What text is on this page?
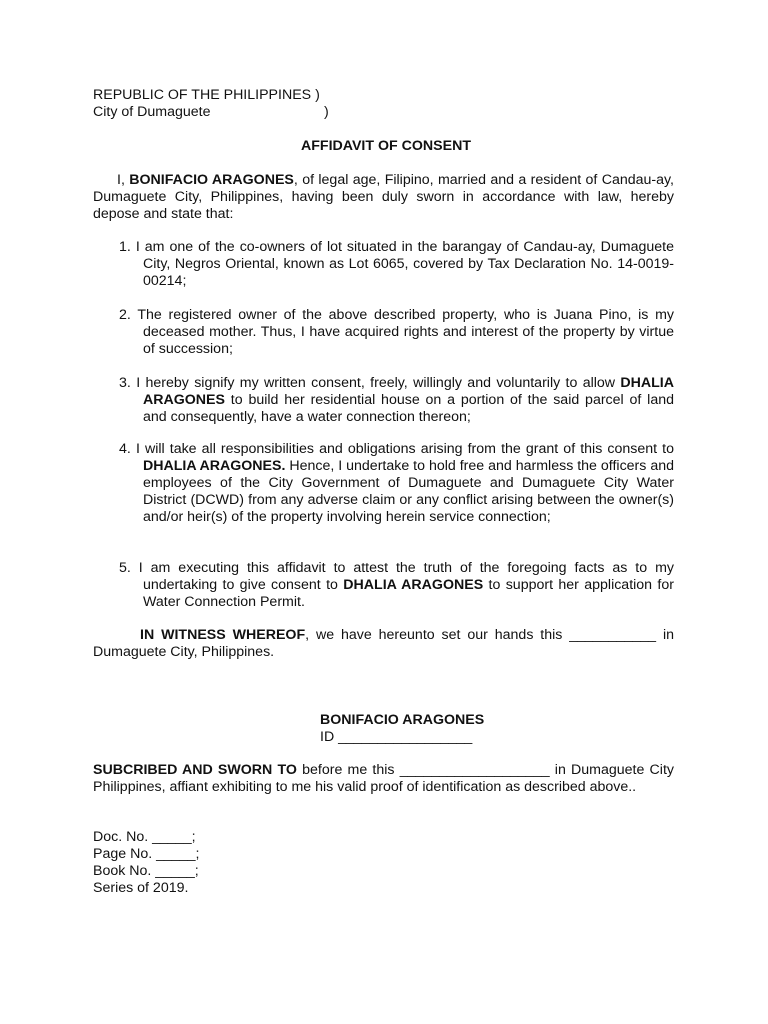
REPUBLIC OF THE PHILIPPINES )
City of Dumaguete	)
AFFIDAVIT OF CONSENT
I, BONIFACIO ARAGONES, of legal age, Filipino, married and a resident of Candau-ay, Dumaguete City, Philippines, having been duly sworn in accordance with law, hereby depose and state that:
1. I am one of the co-owners of lot situated in the barangay of Candau-ay, Dumaguete City, Negros Oriental, known as Lot 6065, covered by Tax Declaration No. 14-0019-00214;
2. The registered owner of the above described property, who is Juana Pino, is my deceased mother. Thus, I have acquired rights and interest of the property by virtue of succession;
3. I hereby signify my written consent, freely, willingly and voluntarily to allow DHALIA ARAGONES to build her residential house on a portion of the said parcel of land and consequently, have a water connection thereon;
4. I will take all responsibilities and obligations arising from the grant of this consent to DHALIA ARAGONES. Hence, I undertake to hold free and harmless the officers and employees of the City Government of Dumaguete and Dumaguete City Water District (DCWD) from any adverse claim or any conflict arising between the owner(s) and/or heir(s) of the property involving herein service connection;
5. I am executing this affidavit to attest the truth of the foregoing facts as to my undertaking to give consent to DHALIA ARAGONES to support her application for Water Connection Permit.
IN WITNESS WHEREOF, we have hereunto set our hands this ___________ in Dumaguete City, Philippines.
BONIFACIO ARAGONES
ID _________________
SUBCRIBED AND SWORN TO before me this ___________________ in Dumaguete City Philippines, affiant exhibiting to me his valid proof of identification as described above..
Doc. No. _____;
Page No. _____;
Book No. _____;
Series of 2019.
